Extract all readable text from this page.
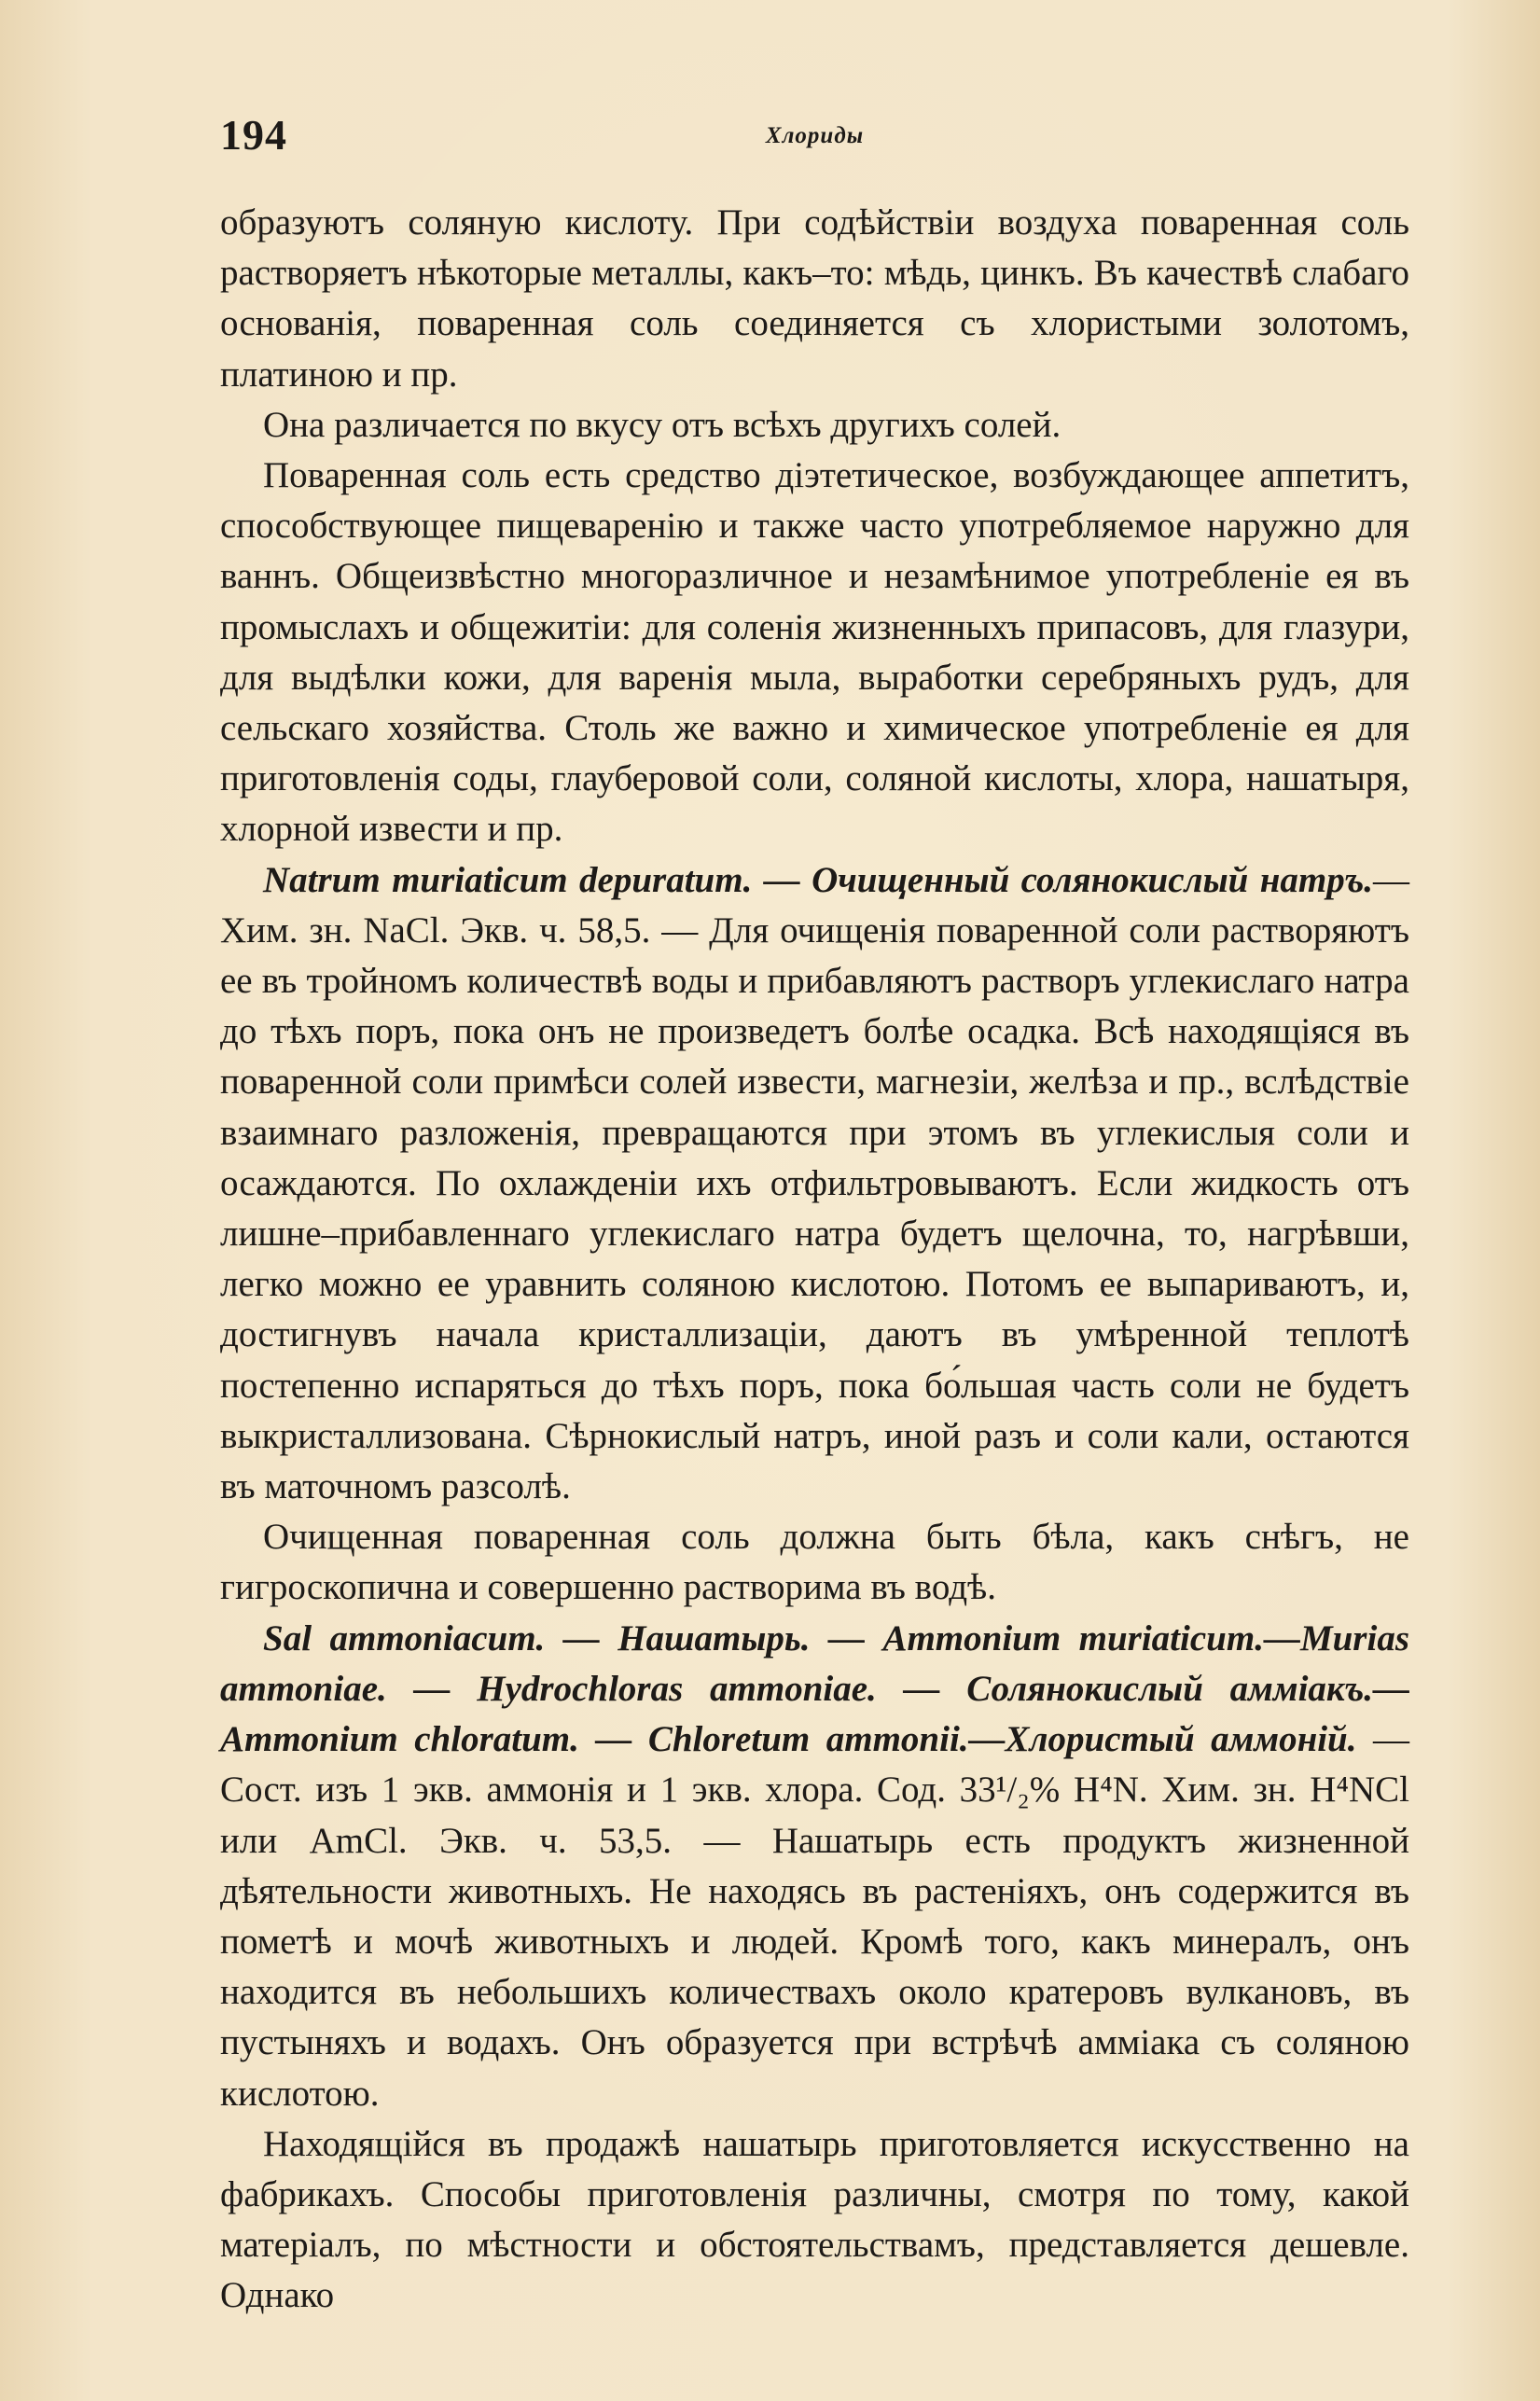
194	Хлориды

образуютъ соляную кислоту. При содѣйствіи воздуха поваренная соль растворяетъ нѣкоторые металлы, какъ–то: мѣдь, цинкъ. Въ качествѣ слабаго основанія, поваренная соль соединяется съ хлористыми золотомъ, платиною и пр.

Она различается по вкусу отъ всѣхъ другихъ солей.

Поваренная соль есть средство діэтетическое, возбуждающее аппетитъ, способствующее пищеваренію и также часто употребляемое наружно для ваннъ. Общеизвѣстно многоразличное и незамѣнимое употребленіе ея въ промыслахъ и общежитіи: для соленія жизненныхъ припасовъ, для глазури, для выдѣлки кожи, для варенія мыла, выработки серебряныхъ рудъ, для сельскаго хозяйства. Столь же важно и химическое употребленіе ея для приготовленія соды, глауберовой соли, соляной кислоты, хлора, нашатыря, хлорной извести и пр.

Natrum muriaticum depuratum. — Очищенный солянокислый натръ.—Хим. зн. NaCl. Экв. ч. 58,5. — Для очищенія поваренной соли растворяютъ ее въ тройномъ количествѣ воды и прибавляютъ растворъ углекислаго натра до тѣхъ поръ, пока онъ не произведетъ болѣе осадка. Всѣ находящіяся въ поваренной соли примѣси солей извести, магнезіи, желѣза и пр., вслѣдствіе взаимнаго разложенія, превращаются при этомъ въ углекислыя соли и осаждаются. По охлажденіи ихъ отфильтровываютъ. Если жидкость отъ лишне–прибавленнаго углекислаго натра будетъ щелочна, то, нагрѣвши, легко можно ее уравнить соляною кислотою. Потомъ ее выпариваютъ, и, достигнувъ начала кристаллизаціи, даютъ въ умѣренной теплотѣ постепенно испаряться до тѣхъ поръ, пока бо́льшая часть соли не будетъ выкристаллизована. Сѣрнокислый натръ, иной разъ и соли кали, остаются въ маточномъ разсолѣ.

Очищенная поваренная соль должна быть бѣла, какъ снѣгъ, не гигроскопична и совершенно растворима въ водѣ.

Sal ammoniacum. — Нашатырь. — Ammonium muriaticum.—Murias ammoniae. — Hydrochloras ammoniae. — Солянокислый аммiакъ.—Ammonium chloratum. — Chloretum ammonii.—Хлористый аммоній. — Сост. изъ 1 экв. аммонія и 1 экв. хлора. Сод. 33¹/₂% H⁴N. Хим. зн. H⁴NCl или AmCl. Экв. ч. 53,5. — Нашатырь есть продуктъ жизненной дѣятельности животныхъ. Не находясь въ растеніяхъ, онъ содержится въ пометѣ и мочѣ животныхъ и людей. Кромѣ того, какъ минералъ, онъ находится въ небольшихъ количествахъ около кратеровъ вулкановъ, въ пустыняхъ и водахъ. Онъ образуется при встрѣчѣ амміака съ соляною кислотою.

Находящійся въ продажѣ нашатырь приготовляется искусственно на фабрикахъ. Способы приготовленія различны, смотря по тому, какой матеріалъ, по мѣстности и обстоятельствамъ, представляется дешевле. Однако
